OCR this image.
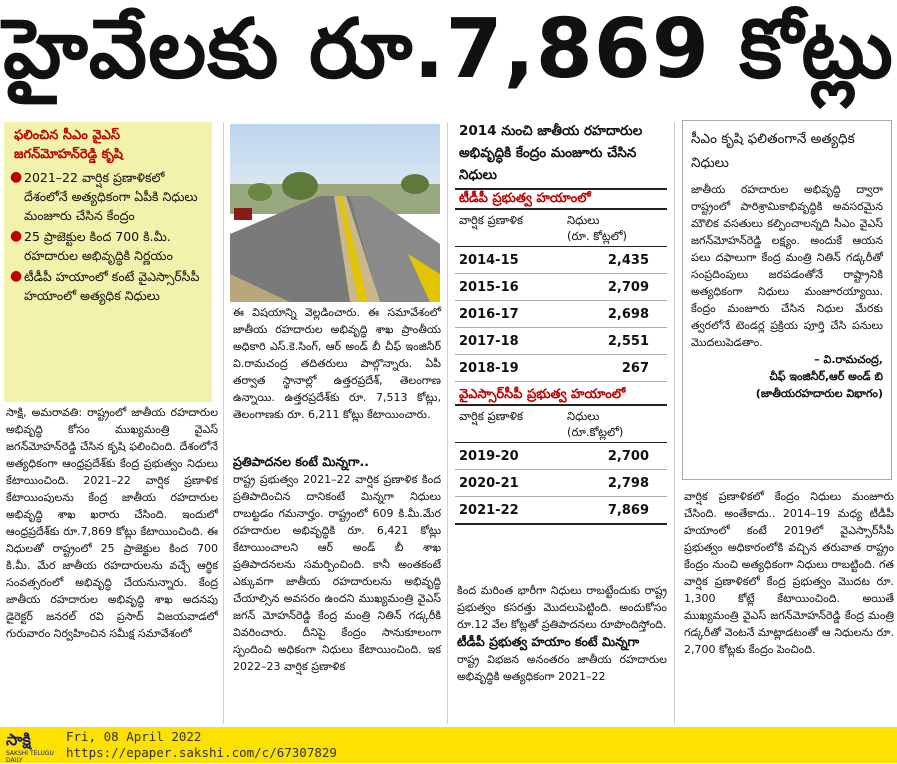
హైవేలకు రూ.7,869 కోట్లు
ఫలించిన సీఎం వైఎస్ జగన్‌మోహన్‌రెడ్డి కృషి
● 2021–22 వార్షిక ప్రణాళికలో దేశంలోనే అత్యధికంగా ఏపీకి నిధులు మంజూరు చేసిన కేంద్రం
● 25 ప్రాజెక్టుల కింద 700 కి.మీ. రహదారుల అభివృద్ధికి నిర్ణయం
● టీడీపీ హయాంలో కంటే వైఎస్సార్‌సీపీ హయాంలో అత్యధిక నిధులు

సాక్షి, అమరావతి: రాష్ట్రంలో జాతీయ రహదారుల అభివృద్ధి కోసం ముఖ్యమంత్రి వైఎస్ జగన్‌మోహన్‌రెడ్డి చేసిన కృషి ఫలించింది. దేశంలోనే అత్యధికంగా ఆంధ్రప్రదేశ్‌కు కేంద్ర ప్రభుత్వం నిధులు కేటాయించింది. 2021–22 వార్షిక ప్రణాళిక కేటాయింపులను కేంద్ర జాతీయ రహదారుల అభివృద్ధి శాఖ ఖరారు చేసింది. ఇందులో ఆంధ్రప్రదేశ్‌కు రూ.7,869 కోట్లు కేటాయించింది. ఈ నిధులతో రాష్ట్రంలో 25 ప్రాజెక్టుల కింద 700 కి.మీ. మేర జాతీయ రహదారులను వచ్చే ఆర్థిక సంవత్సరంలో అభివృద్ధి చేయనున్నారు. కేంద్ర జాతీయ రహదారుల అభివృద్ధి శాఖ అదనపు డైరెక్టర్ జనరల్ రవి ప్రసాద్ విజయవాడలో గురువారం నిర్వహించిన సమీక్ష సమావేశంలో

ఈ విషయాన్ని వెల్లడించారు. ఈ సమావేశంలో జాతీయ రహదారుల అభివృద్ధి శాఖ ప్రాంతీయ అధికారి ఎస్.కె.సింగ్, ఆర్ అండ్ బీ చీఫ్ ఇంజినీర్ వి.రామచంద్ర తదితరులు పాల్గొన్నారు. ఏపీ తర్వాత స్థానాల్లో ఉత్తరప్రదేశ్, తెలంగాణ ఉన్నాయి. ఉత్తరప్రదేశ్‌కు రూ. 7,513 కోట్లు, తెలంగాణకు రూ. 6,211 కోట్లు కేటాయించారు.

ప్రతిపాదనల కంటే మిన్నగా..

రాష్ట్ర ప్రభుత్వం 2021–22 వార్షిక ప్రణాళిక కింద ప్రతిపాదించిన దానికంటే మిన్నగా నిధులు రాబట్టడం గమనార్హం. రాష్ట్రంలో 609 కి.మీ.మేర రహదారుల అభివృద్ధికి రూ. 6,421 కోట్లు కేటాయించాలని ఆర్ అండ్ బీ శాఖ ప్రతిపాదనలను సమర్పించింది. కానీ అంతకంటే ఎక్కువగా జాతీయ రహదారులను అభివృద్ధి చేయాల్సిన అవసరం ఉందని ముఖ్యమంత్రి వైఎస్ జగన్ మోహన్‌రెడ్డి కేంద్ర మంత్రి నితిన్ గడ్కరీకి వివరించారు. దీనిపై కేంద్రం సానుకూలంగా స్పందించి అధికంగా నిధులు కేటాయించింది. ఇక 2022–23 వార్షిక ప్రణాళిక

2014 నుంచి జాతీయ రహదారుల అభివృద్ధికి కేంద్రం మంజూరు చేసిన నిధులు
టీడీపీ ప్రభుత్వ హయాంలో
వార్షిక ప్రణాళిక	నిధులు
(రూ. కోట్లలో)
2014-15	2,435
2015-16	2,709
2016-17	2,698
2017-18	2,551
2018-19	267
వైఎస్సార్‌సీపీ ప్రభుత్వ హయాంలో
వార్షిక ప్రణాళిక	నిధులు
(రూ.కోట్లలో)
2019-20	2,700
2020-21	2,798
2021-22	7,869

కింద మరింత భారీగా నిధులు రాబట్టేందుకు రాష్ట్ర ప్రభుత్వం కసరత్తు మొదలుపెట్టింది. అందుకోసం రూ.12 వేల కోట్లతో ప్రతిపాదనలు రూపొందిస్తోంది.

టీడీపీ ప్రభుత్వ హయాం కంటే మిన్నగా

రాష్ట్ర విభజన అనంతరం జాతీయ రహదారుల అభివృద్ధికి అత్యధికంగా 2021–22

సీఎం కృషి ఫలితంగానే అత్యధిక నిధులు

జాతీయ రహదారుల అభివృద్ధి ద్వారా రాష్ట్రంలో పారిశ్రామికాభివృద్ధికి అవసరమైన మౌలిక వసతులు కల్పించాలన్నది సీఎం వైఎస్ జగన్‌మోహన్‌రెడ్డి లక్ష్యం. అందుకే ఆయన పలు దఫాలుగా కేంద్ర మంత్రి నితిన్ గడ్కరీతో సంప్రదింపులు జరపడంతోనే రాష్ట్రానికి అత్యధికంగా నిధులు మంజూరయ్యాయి. కేంద్రం మంజూరు చేసిన నిధుల మేరకు త్వరలోనే టెండర్ల ప్రక్రియ పూర్తి చేసి పనులు మొదలుపెడతాం.

– వి.రామచంద్ర,
చీఫ్ ఇంజినీర్,ఆర్ అండ్ బి
(జాతీయరహదారుల విభాగం)

వార్షిక ప్రణాళికలో కేంద్రం నిధులు మంజూరు చేసింది. అంతేకాదు.. 2014–19 మధ్య టీడీపీ హయాంలో కంటే 2019లో వైఎస్సార్‌సీపీ ప్రభుత్వం అధికారంలోకి వచ్చిన తరువాత రాష్ట్రం కేంద్రం నుంచి అత్యధికంగా నిధులు రాబట్టింది. గత వార్షిక ప్రణాళికలో కేంద్ర ప్రభుత్వం మొదట రూ. 1,300 కోట్లే కేటాయించింది. అయితే ముఖ్యమంత్రి వైఎస్ జగన్‌మోహన్‌రెడ్డి కేంద్ర మంత్రి గడ్కరీతో వెంటనే మాట్లాడటంతో ఆ నిధులను రూ. 2,700 కోట్లకు కేంద్రం పెంచింది.

సాక్షి
SAKSHI TELUGU DAILY
Fri, 08 April 2022
https://epaper.sakshi.com/c/67307829
